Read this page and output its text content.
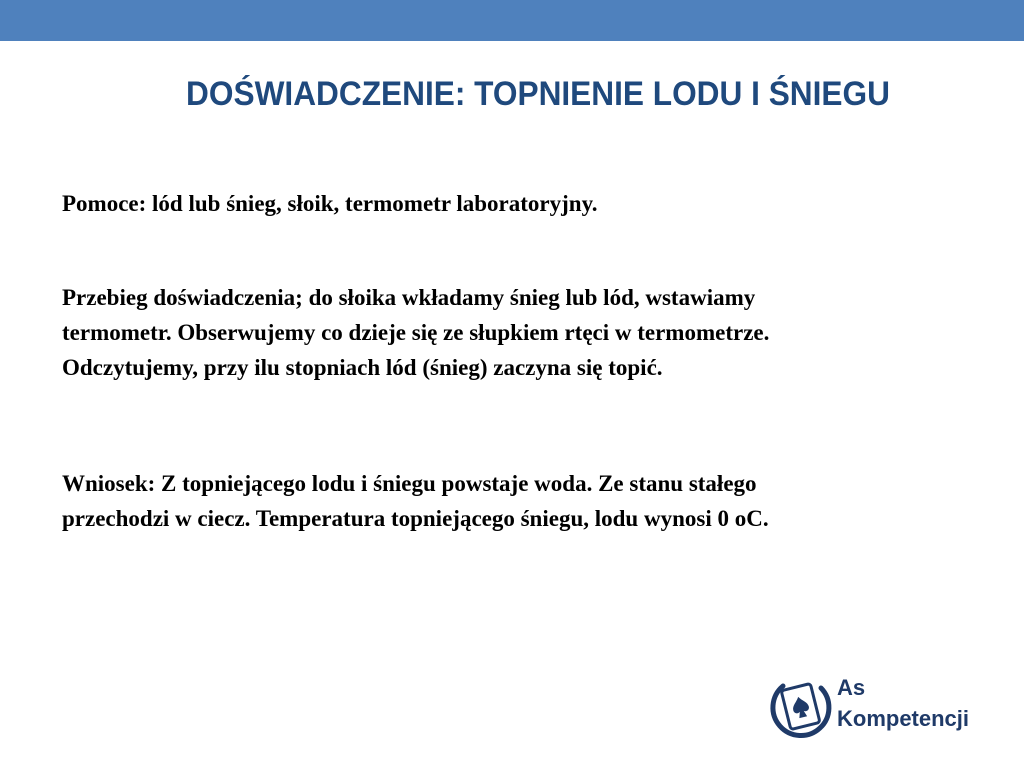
DOŚWIADCZENIE: TOPNIENIE LODU I ŚNIEGU
Pomoce: lód lub śnieg, słoik, termometr laboratoryjny.
Przebieg doświadczenia; do słoika wkładamy śnieg lub lód, wstawiamy
termometr. Obserwujemy co dzieje się ze słupkiem rtęci w termometrze.
Odczytujemy, przy ilu stopniach lód (śnieg) zaczyna się topić.
Wniosek: Z topniejącego lodu i śniegu powstaje woda. Ze stanu stałego
przechodzi w ciecz. Temperatura topniejącego śniegu, lodu wynosi 0 oC.
As
Kompetencji
